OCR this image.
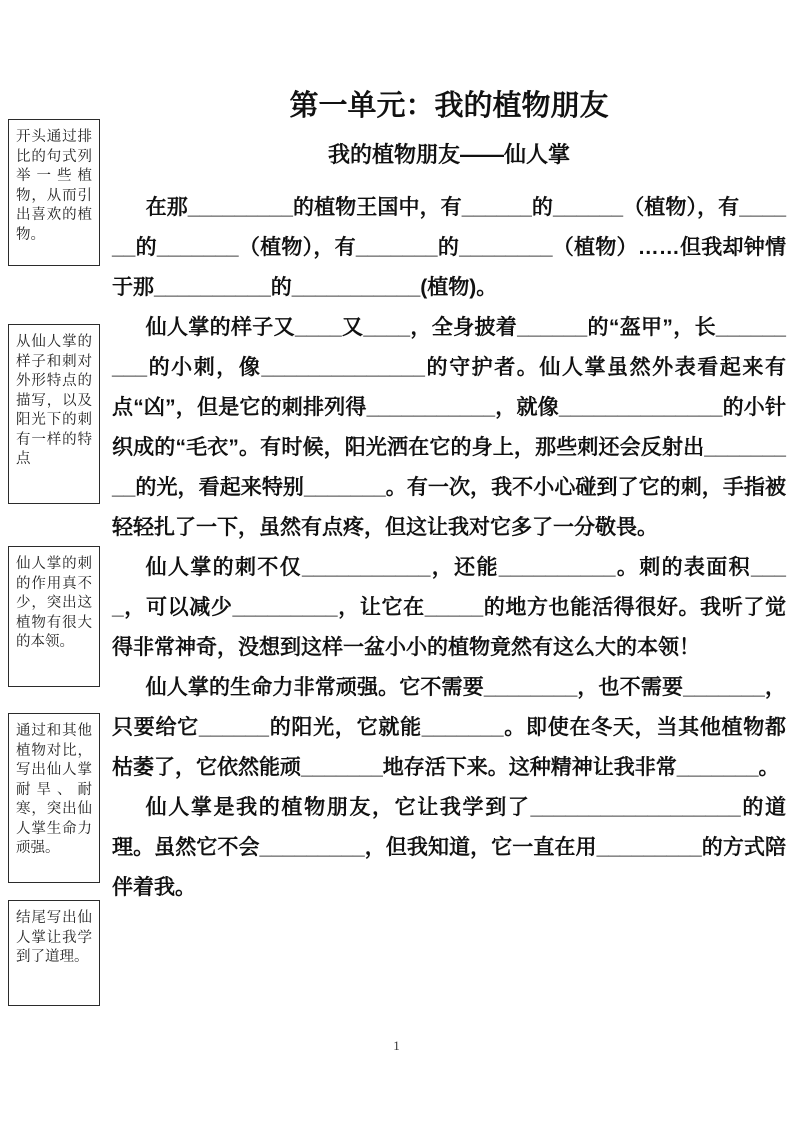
开头通过排比的句式列举一些植物，从而引出喜欢的植物。
从仙人掌的样子和刺对外形特点的描写，以及阳光下的刺有一样的特点
仙人掌的刺的作用真不少，突出这植物有很大的本领。
通过和其他植物对比，写出仙人掌耐旱、耐寒，突出仙人掌生命力顽强。
结尾写出仙人掌让我学到了道理。
第一单元：我的植物朋友
我的植物朋友——仙人掌

在那_________的植物王国中，有______的______（植物），有______的_______（植物），有_______的________（植物）……但我却钟情于那__________的___________(植物)。

仙人掌的样子又____又____，全身披着______的“盔甲”，长_________的小刺，像______________的守护者。仙人掌虽然外表看起来有点“凶”，但是它的刺排列得___________，就像______________的小针织成的“毛衣”。有时候，阳光洒在它的身上，那些刺还会反射出_________的光，看起来特别_______。有一次，我不小心碰到了它的刺，手指被轻轻扎了一下，虽然有点疼，但这让我对它多了一分敬畏。

仙人掌的刺不仅___________，还能__________。刺的表面积____，可以减少_________，让它在_____的地方也能活得很好。我听了觉得非常神奇，没想到这样一盆小小的植物竟然有这么大的本领！

仙人掌的生命力非常顽强。它不需要________，也不需要_______，只要给它______的阳光，它就能_______。即使在冬天，当其他植物都枯萎了，它依然能顽_______地存活下来。这种精神让我非常_______。

仙人掌是我的植物朋友，它让我学到了__________________的道理。虽然它不会_________，但我知道，它一直在用_________的方式陪伴着我。

1
